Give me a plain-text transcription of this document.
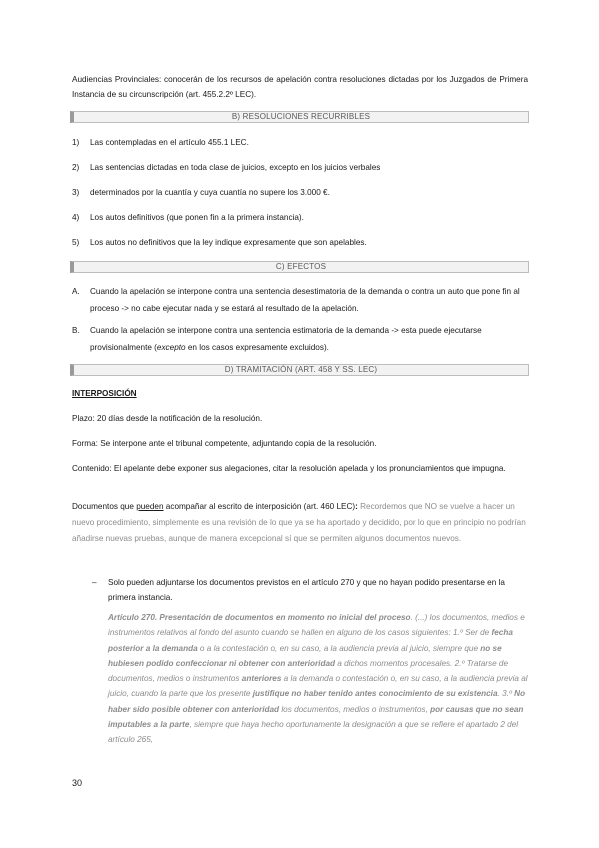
Audiencias Provinciales: conocerán de los recursos de apelación contra resoluciones dictadas por los Juzgados de Primera Instancia de su circunscripción (art. 455.2.2º LEC).
B) RESOLUCIONES RECURRIBLES
1) Las contempladas en el artículo 455.1 LEC.
2) Las sentencias dictadas en toda clase de juicios, excepto en los juicios verbales
3) determinados por la cuantía y cuya cuantía no supere los 3.000 €.
4) Los autos definitivos (que ponen fin a la primera instancia).
5) Los autos no definitivos que la ley indique expresamente que son apelables.
C) EFECTOS
A. Cuando la apelación se interpone contra una sentencia desestimatoria de la demanda o contra un auto que pone fin al proceso -> no cabe ejecutar nada y se estará al resultado de la apelación.
B. Cuando la apelación se interpone contra una sentencia estimatoria de la demanda -> esta puede ejecutarse provisionalmente (excepto en los casos expresamente excluidos).
D) TRAMITACIÓN (ART. 458 Y SS. LEC)
INTERPOSICIÓN
Plazo: 20 días desde la notificación de la resolución.
Forma: Se interpone ante el tribunal competente, adjuntando copia de la resolución.
Contenido: El apelante debe exponer sus alegaciones, citar la resolución apelada y los pronunciamientos que impugna.
Documentos que pueden acompañar al escrito de interposición (art. 460 LEC): Recordemos que NO se vuelve a hacer un nuevo procedimiento, simplemente es una revisión de lo que ya se ha aportado y decidido, por lo que en principio no podrían añadirse nuevas pruebas, aunque de manera excepcional sí que se permiten algunos documentos nuevos.
– Solo pueden adjuntarse los documentos previstos en el artículo 270 y que no hayan podido presentarse en la primera instancia.
Artículo 270. Presentación de documentos en momento no inicial del proceso. (...) los documentos, medios e instrumentos relativos al fondo del asunto cuando se hallen en alguno de los casos siguientes: 1.º Ser de fecha posterior a la demanda o a la contestación o, en su caso, a la audiencia previa al juicio, siempre que no se hubiesen podido confeccionar ni obtener con anterioridad a dichos momentos procesales. 2.º Tratarse de documentos, medios o instrumentos anteriores a la demanda o contestación o, en su caso, a la audiencia previa al juicio, cuando la parte que los presente justifique no haber tenido antes conocimiento de su existencia. 3.º No haber sido posible obtener con anterioridad los documentos, medios o instrumentos, por causas que no sean imputables a la parte, siempre que haya hecho oportunamente la designación a que se refiere el apartado 2 del artículo 265,
30
